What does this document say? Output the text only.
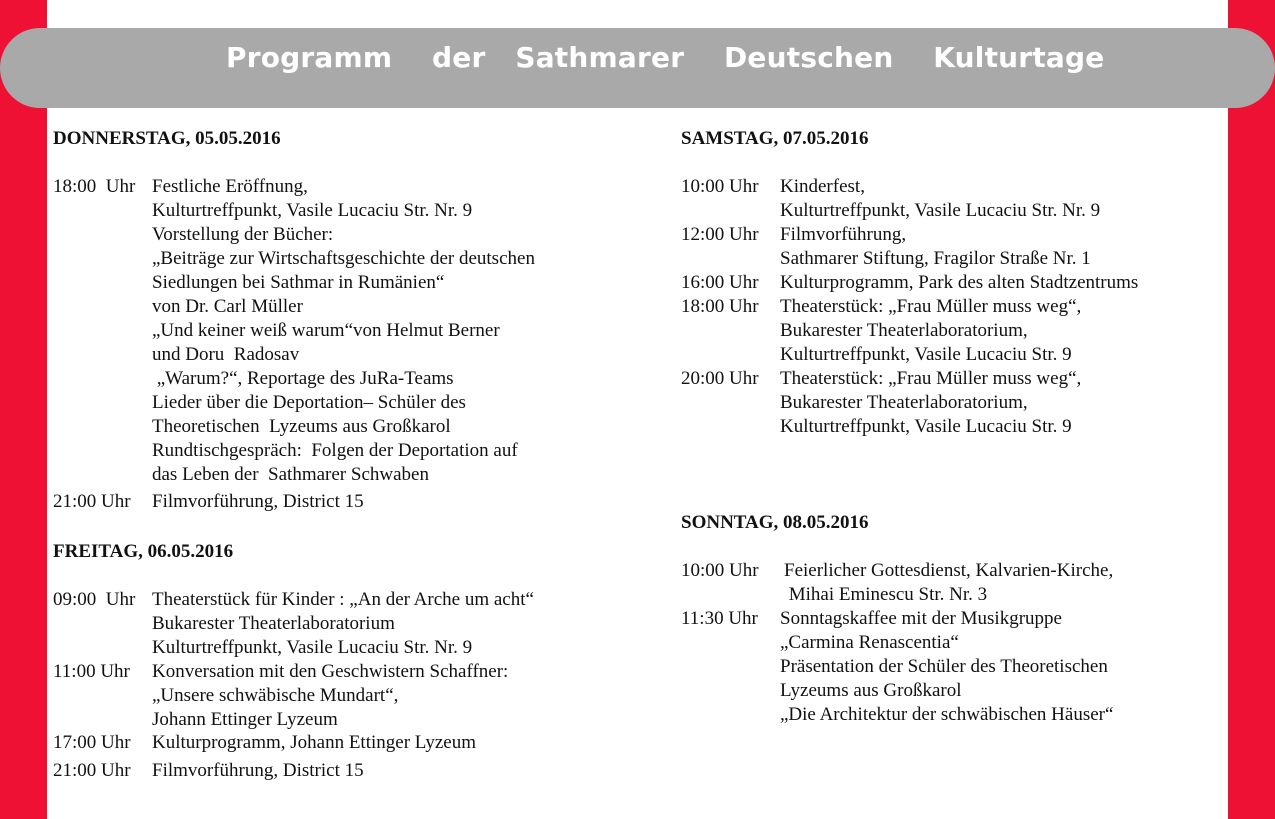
Programm    der   Sathmarer    Deutschen    Kulturtage
DONNERSTAG, 05.05.2016
18:00  Uhr Festliche Eröffnung,
Kulturtreffpunkt, Vasile Lucaciu Str. Nr. 9
Vorstellung der Bücher:
„Beiträge zur Wirtschaftsgeschichte der deutschen
Siedlungen bei Sathmar in Rumänien“
von Dr. Carl Müller
„Und keiner weiß warum“von Helmut Berner
und Doru  Radosav
„Warum?“, Reportage des JuRa-Teams
Lieder über die Deportation– Schüler des
Theoretischen  Lyzeums aus Großkarol
Rundtischgespräch:  Folgen der Deportation auf
das Leben der  Sathmarer Schwaben
21:00 Uhr Filmvorführung, District 15
FREITAG, 06.05.2016
09:00  Uhr Theaterstück für Kinder : „An der Arche um acht“
Bukarester Theaterlaboratorium
Kulturtreffpunkt, Vasile Lucaciu Str. Nr. 9
11:00 Uhr Konversation mit den Geschwistern Schaffner:
„Unsere schwäbische Mundart“,
Johann Ettinger Lyzeum
17:00 Uhr Kulturprogramm, Johann Ettinger Lyzeum
21:00 Uhr Filmvorführung, District 15
SAMSTAG, 07.05.2016
10:00 Uhr Kinderfest,
Kulturtreffpunkt, Vasile Lucaciu Str. Nr. 9
12:00 Uhr Filmvorführung,
Sathmarer Stiftung, Fragilor Straße Nr. 1
16:00 Uhr Kulturprogramm, Park des alten Stadtzentrums
18:00 Uhr Theaterstück: „Frau Müller muss weg“,
Bukarester Theaterlaboratorium,
Kulturtreffpunkt, Vasile Lucaciu Str. 9
20:00 Uhr Theaterstück: „Frau Müller muss weg“,
Bukarester Theaterlaboratorium,
Kulturtreffpunkt, Vasile Lucaciu Str. 9
SONNTAG, 08.05.2016
10:00 Uhr Feierlicher Gottesdienst, Kalvarien-Kirche,
Mihai Eminescu Str. Nr. 3
11:30 Uhr Sonntagskaffee mit der Musikgruppe
„Carmina Renascentia“
Präsentation der Schüler des Theoretischen
Lyzeums aus Großkarol
„Die Architektur der schwäbischen Häuser“
